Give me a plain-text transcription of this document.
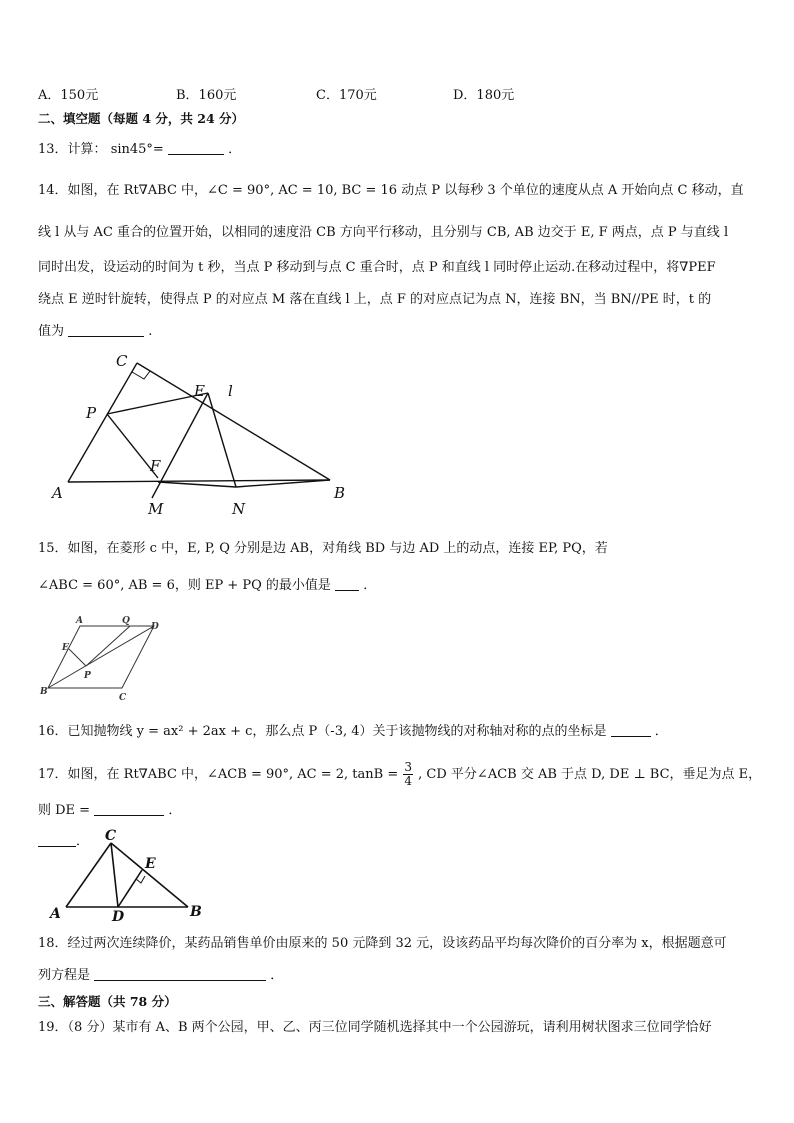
A．150元	B．160元	C．170元	D．180元
二、填空题（每题 4 分，共 24 分）
13．计算： sin45°=	．
14．如图，在 Rt∇ABC 中，∠C = 90°, AC = 10, BC = 16 动点 P 以每秒 3 个单位的速度从点 A 开始向点 C 移动，直
线 l 从与 AC 重合的位置开始，以相同的速度沿 CB 方向平行移动，且分别与 CB, AB 边交于 E, F 两点，点 P 与直线 l
同时出发，设运动的时间为 t 秒，当点 P 移动到与点 C 重合时，点 P 和直线 l 同时停止运动.在移动过程中，将∇PEF
绕点 E 逆时针旋转，使得点 P 的对应点 M 落在直线 l 上，点 F 的对应点记为点 N，连接 BN，当 BN//PE 时，t 的
值为	.
C
E l
P
F
A	B
M	N
15．如图，在菱形 c 中，E, P, Q 分别是边 AB，对角线 BD 与边 AD 上的动点，连接 EP, PQ，若
∠ABC = 60°, AB = 6，则 EP + PQ 的最小值是 ．
A	Q
D
E
P
B
C
16．已知抛物线 y = ax² + 2ax + c，那么点 P（-3, 4）关于该抛物线的对称轴对称的点的坐标是	．
17．如图，在 Rt∇ABC 中，∠ACB = 90°, AC = 2, $\tan B = \frac{3}{4}$ , CD 平分∠ACB 交 AB 于点 D, DE ⊥ BC，垂足为点 E，
则 DE =	．
． C
E
A	D	B
18．经过两次连续降价，某药品销售单价由原来的 50 元降到 32 元，设该药品平均每次降价的百分率为 x，根据题意可
列方程是	．
三、解答题（共 78 分）
19．（8 分）某市有 A、B 两个公园，甲、乙、丙三位同学随机选择其中一个公园游玩，请利用树状图求三位同学恰好
